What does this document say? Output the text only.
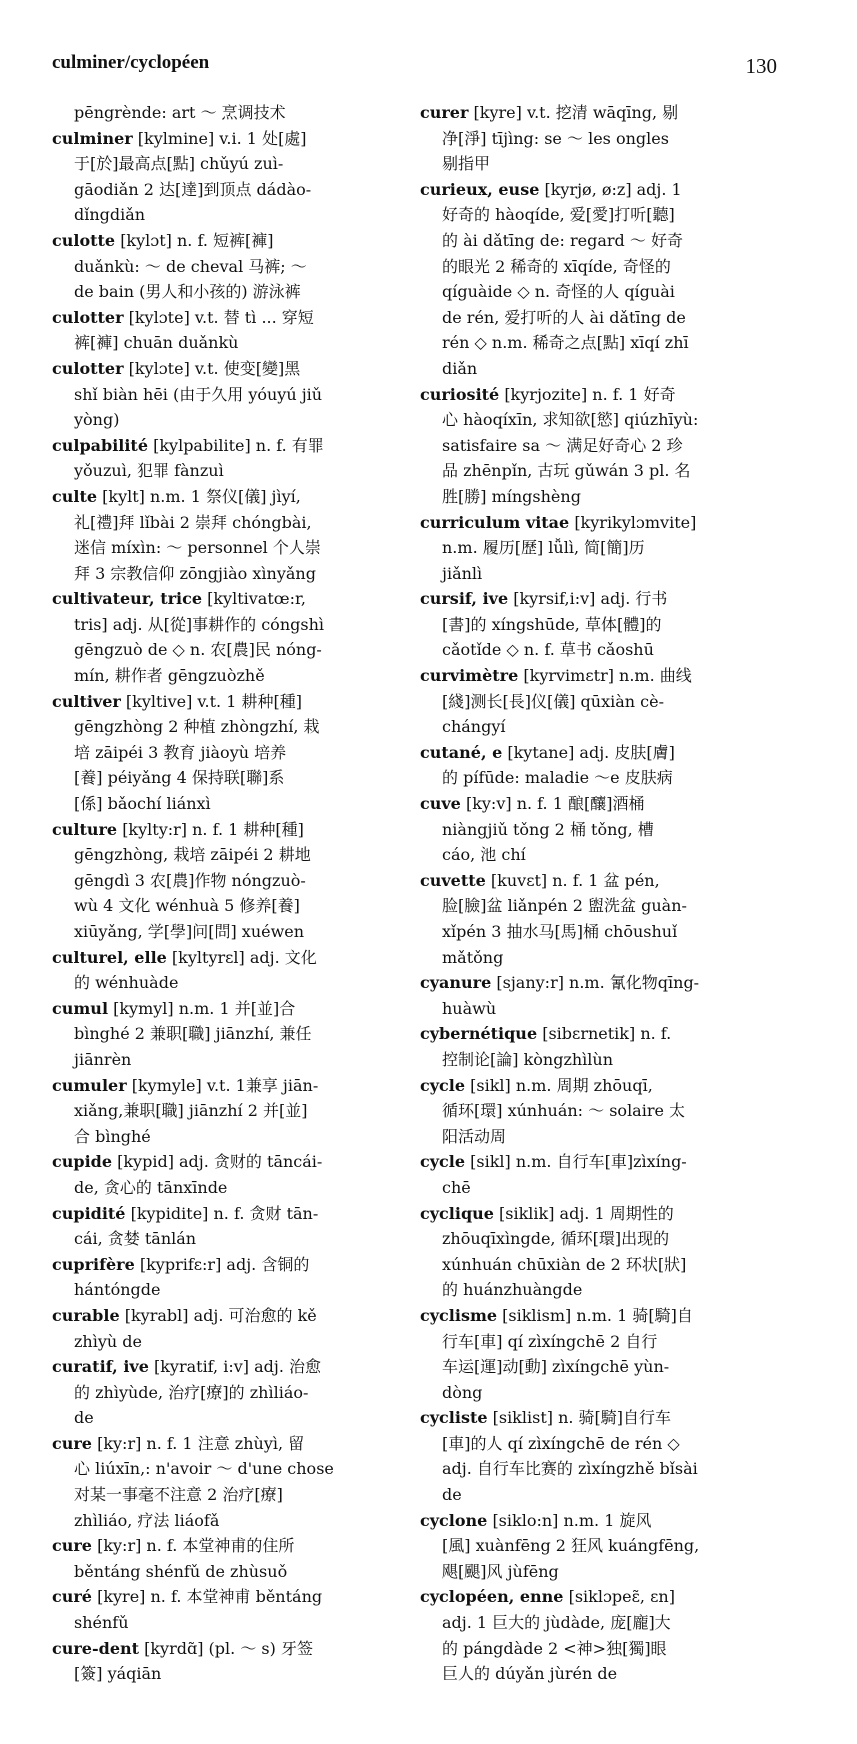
culminer/cyclopéen	130
pēngrènde: art ～ 烹调技术
culminer [kylmine] v.i. 1 处[處]
于[於]最高点[點] chǔyú zuì-
gāodiǎn 2 达[達]到顶点 dádào-
dǐngdiǎn
culotte [kylɔt] n. f. 短裤[褲]
duǎnkù: ～ de cheval 马裤; ～
de bain (男人和小孩的) 游泳裤
culotter [kylɔte] v.t. 替 tì ... 穿短
裤[褲] chuān duǎnkù
culotter [kylɔte] v.t. 使变[變]黑
shǐ biàn hēi (由于久用 yóuyú jiǔ
yòng)
culpabilité [kylpabilite] n. f. 有罪
yǒuzuì, 犯罪 fànzuì
culte [kylt] n.m. 1 祭仪[儀] jìyí,
礼[禮]拜 lǐbài 2 崇拜 chóngbài,
迷信 míxìn: ～ personnel 个人崇
拜 3 宗教信仰 zōngjiào xìnyǎng
cultivateur, trice [kyltivatœ:r,
tris] adj. 从[從]事耕作的 cóngshì
gēngzuò de ◇ n. 农[農]民 nóng-
mín, 耕作者 gēngzuòzhě
cultiver [kyltive] v.t. 1 耕种[種]
gēngzhòng 2 种植 zhòngzhí, 栽
培 zāipéi 3 教育 jiàoyù 培养
[養] péiyǎng 4 保持联[聯]系
[係] bǎochí liánxì
culture [kylty:r] n. f. 1 耕种[種]
gēngzhòng, 栽培 zāipéi 2 耕地
gēngdì 3 农[農]作物 nóngzuò-
wù 4 文化 wénhuà 5 修养[養]
xiūyǎng, 学[學]问[問] xuéwen
culturel, elle [kyltyrɛl] adj. 文化
的 wénhuàde
cumul [kymyl] n.m. 1 并[並]合
bìnghé 2 兼职[職] jiānzhí, 兼任
jiānrèn
cumuler [kymyle] v.t. 1兼享 jiān-
xiǎng,兼职[職] jiānzhí 2 并[並]
合 bìnghé
cupide [kypid] adj. 贪财的 tāncái-
de, 贪心的 tānxīnde
cupidité [kypidite] n. f. 贪财 tān-
cái, 贪婪 tānlán
cuprifère [kyprifɛ:r] adj. 含铜的
hántóngde
curable [kyrabl] adj. 可治愈的 kě
zhìyù de
curatif, ive [kyratif, i:v] adj. 治愈
的 zhìyùde, 治疗[療]的 zhìliáo-
de
cure [ky:r] n. f. 1 注意 zhùyì, 留
心 liúxīn,: n'avoir ～ d'une chose
对某一事毫不注意 2 治疗[療]
zhìliáo, 疗法 liáofǎ
cure [ky:r] n. f. 本堂神甫的住所
běntáng shénfǔ de zhùsuǒ
curé [kyre] n. f. 本堂神甫 běntáng
shénfǔ
cure-dent [kyrdɑ̃] (pl. ～ s) 牙签
[簽] yáqiān
curer [kyre] v.t. 挖清 wāqīng, 剔
净[淨] tījìng: se ～ les ongles
剔指甲
curieux, euse [kyrjø, ø:z] adj. 1
好奇的 hàoqíde, 爱[愛]打听[聽]
的 ài dǎtīng de: regard ～ 好奇
的眼光 2 稀奇的 xīqíde, 奇怪的
qíguàide ◇ n. 奇怪的人 qíguài
de rén, 爱打听的人 ài dǎtīng de
rén ◇ n.m. 稀奇之点[點] xīqí zhī
diǎn
curiosité [kyrjozite] n. f. 1 好奇
心 hàoqíxīn, 求知欲[慾] qiúzhīyù:
satisfaire sa ～ 满足好奇心 2 珍
品 zhēnpǐn, 古玩 gǔwán 3 pl. 名
胜[勝] míngshèng
curriculum vitae [kyrikylɔmvite]
n.m. 履历[歷] lǚlì, 简[簡]历
jiǎnlì
cursif, ive [kyrsif,i:v] adj. 行书
[書]的 xíngshūde, 草体[體]的
cǎotǐde ◇ n. f. 草书 cǎoshū
curvimètre [kyrvimɛtr] n.m. 曲线
[綫]测长[長]仪[儀] qūxiàn cè-
chángyí
cutané, e [kytane] adj. 皮肤[膚]
的 pífūde: maladie ～e 皮肤病
cuve [ky:v] n. f. 1 酿[釀]酒桶
niàngjiǔ tǒng 2 桶 tǒng, 槽
cáo, 池 chí
cuvette [kuvɛt] n. f. 1 盆 pén,
脸[臉]盆 liǎnpén 2 盥洗盆 guàn-
xǐpén 3 抽水马[馬]桶 chōushuǐ
mǎtǒng
cyanure [sjany:r] n.m. 氰化物qīng-
huàwù
cybernétique [sibɛrnetik] n. f.
控制论[論] kòngzhìlùn
cycle [sikl] n.m. 周期 zhōuqī,
循环[環] xúnhuán: ～ solaire 太
阳活动周
cycle [sikl] n.m. 自行车[車]zìxíng-
chē
cyclique [siklik] adj. 1 周期性的
zhōuqīxìngde, 循环[環]出现的
xúnhuán chūxiàn de 2 环状[狀]
的 huánzhuàngde
cyclisme [siklism] n.m. 1 骑[騎]自
行车[車] qí zìxíngchē 2 自行
车运[運]动[動] zìxíngchē yùn-
dòng
cycliste [siklist] n. 骑[騎]自行车
[車]的人 qí zìxíngchē de rén ◇
adj. 自行车比赛的 zìxíngzhě bǐsài
de
cyclone [siklo:n] n.m. 1 旋风
[風] xuànfēng 2 狂风 kuángfēng,
飓[颶]风 jùfēng
cyclopéen, enne [siklɔpeɛ̃, ɛn]
adj. 1 巨大的 jùdàde, 庞[龐]大
的 pángdàde 2 <神>独[獨]眼
巨人的 dúyǎn jùrén de
